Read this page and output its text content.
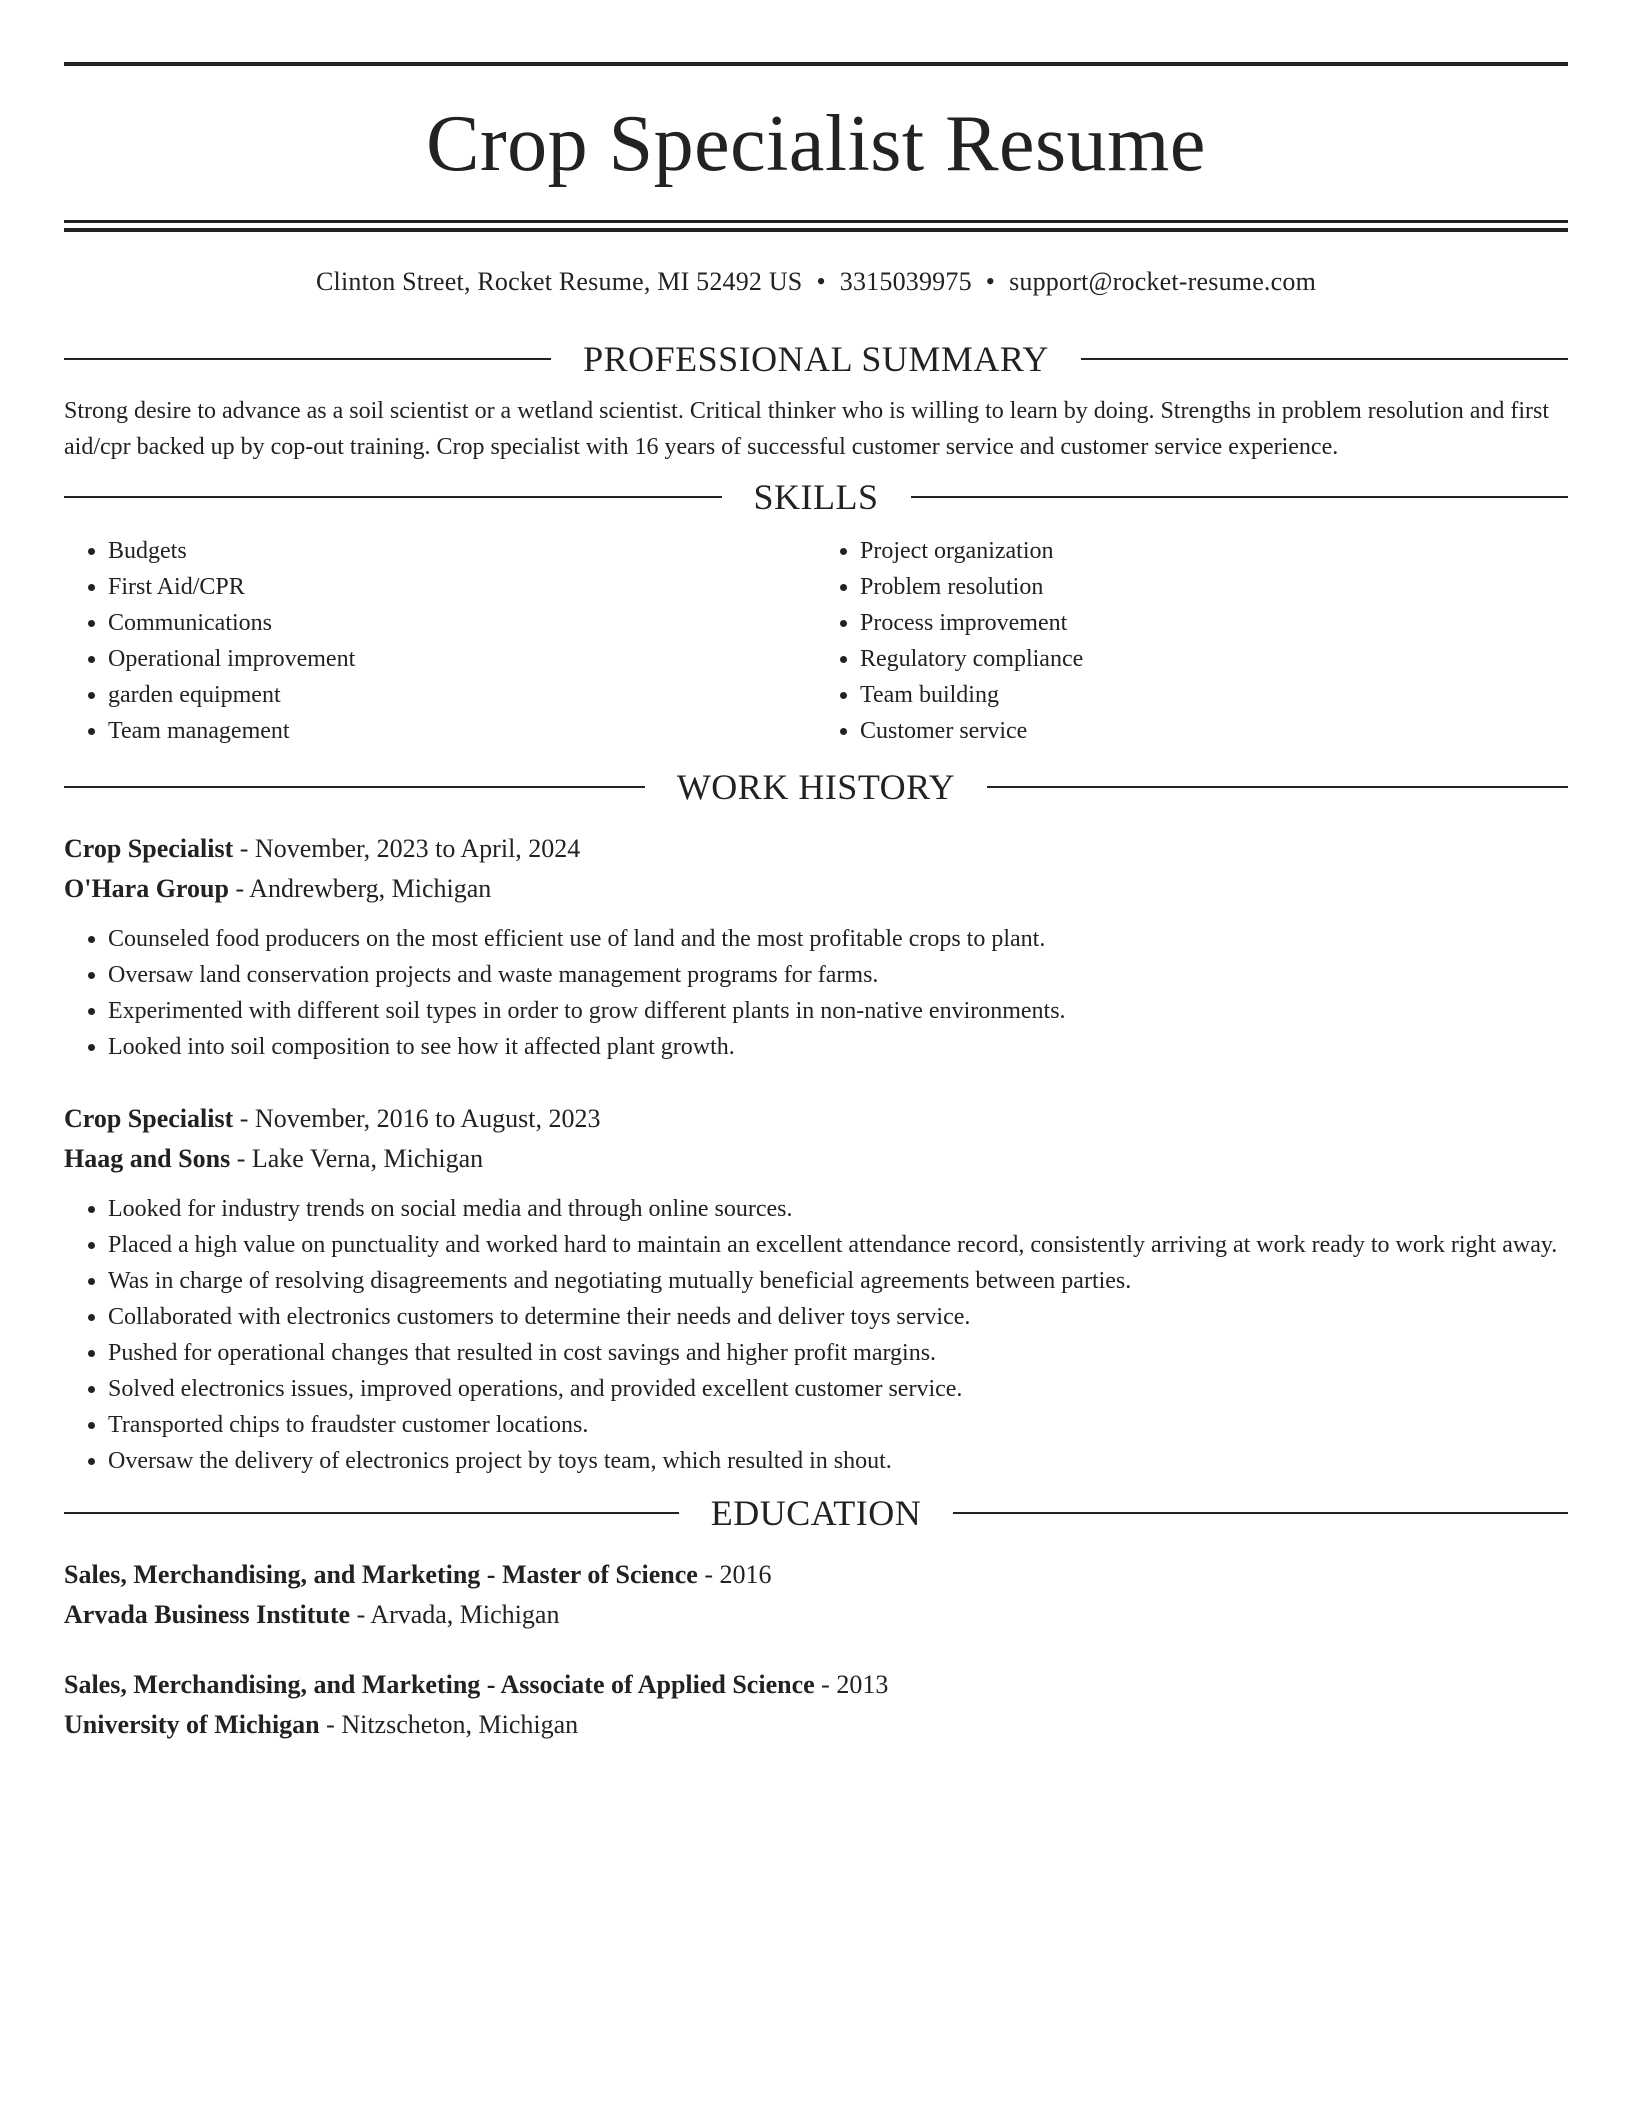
Crop Specialist Resume
Clinton Street, Rocket Resume, MI 52492 US • 3315039975 • support@rocket-resume.com
PROFESSIONAL SUMMARY

Strong desire to advance as a soil scientist or a wetland scientist. Critical thinker who is willing to learn by doing. Strengths in problem resolution and first aid/cpr backed up by cop-out training. Crop specialist with 16 years of successful customer service and customer service experience.

SKILLS
• Budgets
• First Aid/CPR
• Communications
• Operational improvement
• garden equipment
• Team management
• Project organization
• Problem resolution
• Process improvement
• Regulatory compliance
• Team building
• Customer service
WORK HISTORY
Crop Specialist - November, 2023 to April, 2024
O'Hara Group - Andrewberg, Michigan
• Counseled food producers on the most efficient use of land and the most profitable crops to plant.
• Oversaw land conservation projects and waste management programs for farms.
• Experimented with different soil types in order to grow different plants in non-native environments.
• Looked into soil composition to see how it affected plant growth.
Crop Specialist - November, 2016 to August, 2023
Haag and Sons - Lake Verna, Michigan
• Looked for industry trends on social media and through online sources.
• Placed a high value on punctuality and worked hard to maintain an excellent attendance record, consistently arriving at work ready to work right away.
• Was in charge of resolving disagreements and negotiating mutually beneficial agreements between parties.
• Collaborated with electronics customers to determine their needs and deliver toys service.
• Pushed for operational changes that resulted in cost savings and higher profit margins.
• Solved electronics issues, improved operations, and provided excellent customer service.
• Transported chips to fraudster customer locations.
• Oversaw the delivery of electronics project by toys team, which resulted in shout.
EDUCATION
Sales, Merchandising, and Marketing - Master of Science - 2016
Arvada Business Institute - Arvada, Michigan
Sales, Merchandising, and Marketing - Associate of Applied Science - 2013
University of Michigan - Nitzscheton, Michigan
